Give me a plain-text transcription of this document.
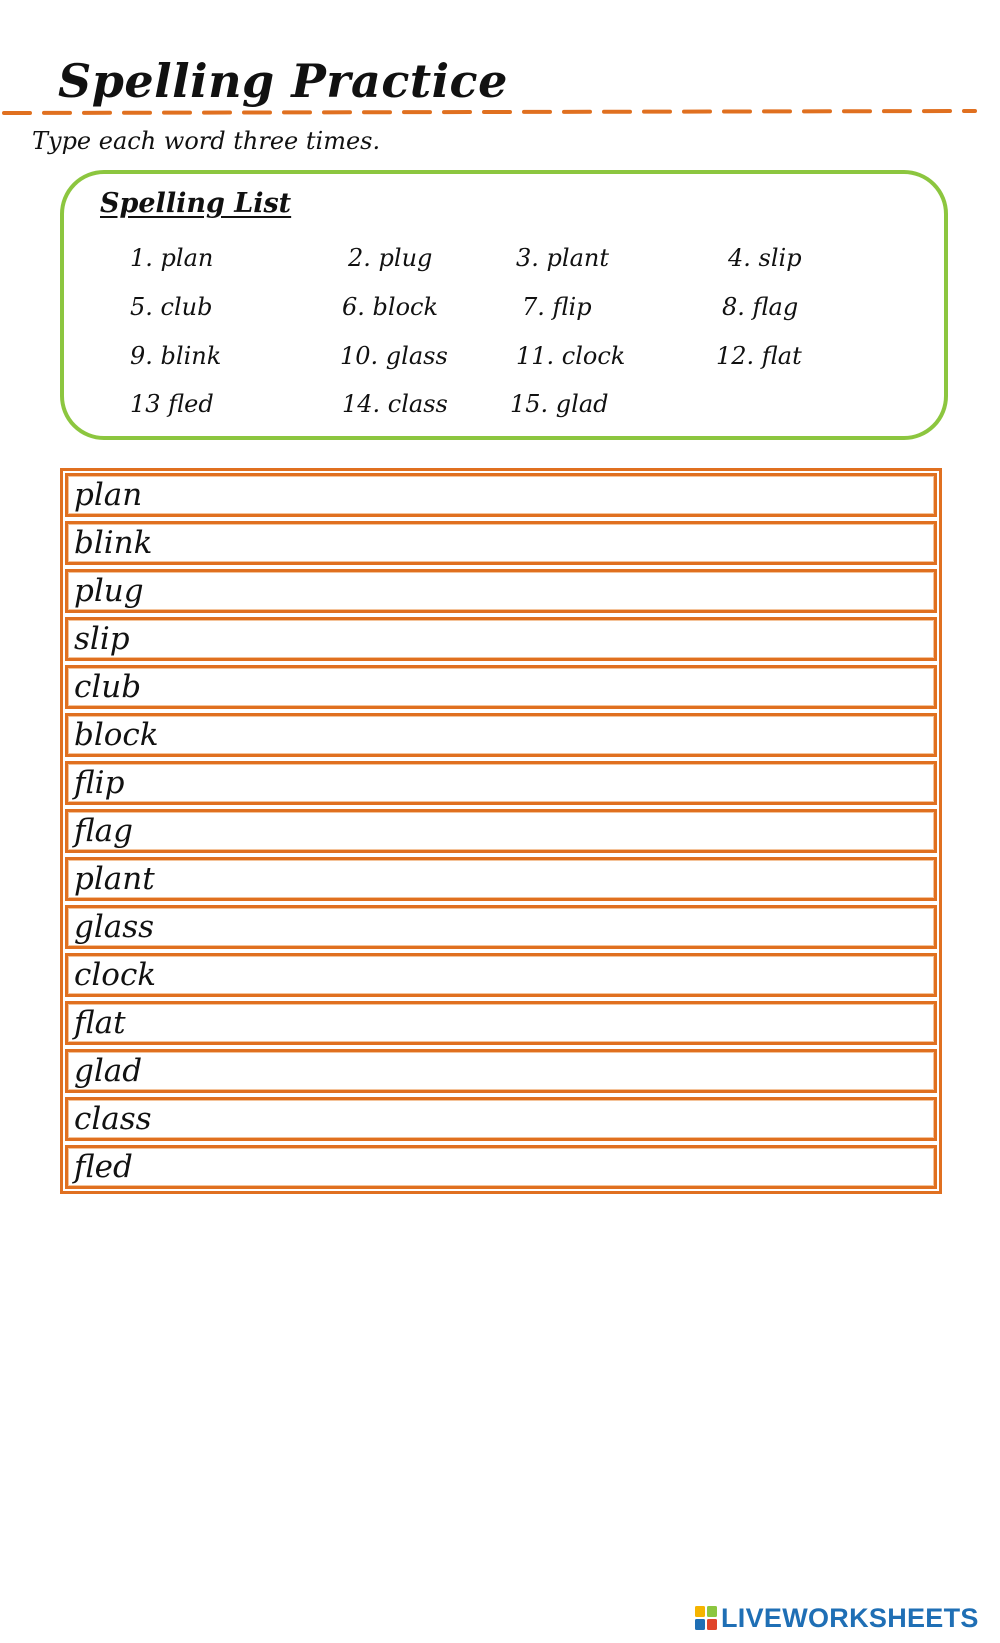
Spelling Practice
Type each word three times.
Spelling List
1. plan	2. plug	3. plant	4. slip
5. club	6. block	7. flip	8. flag
9. blink	10. glass	11. clock	12. flat
13 fled	14. class	15. glad
plan
blink
plug
slip
club
block
flip
flag
plant
glass
clock
flat
glad
class
fled
LIVEWORKSHEETS
